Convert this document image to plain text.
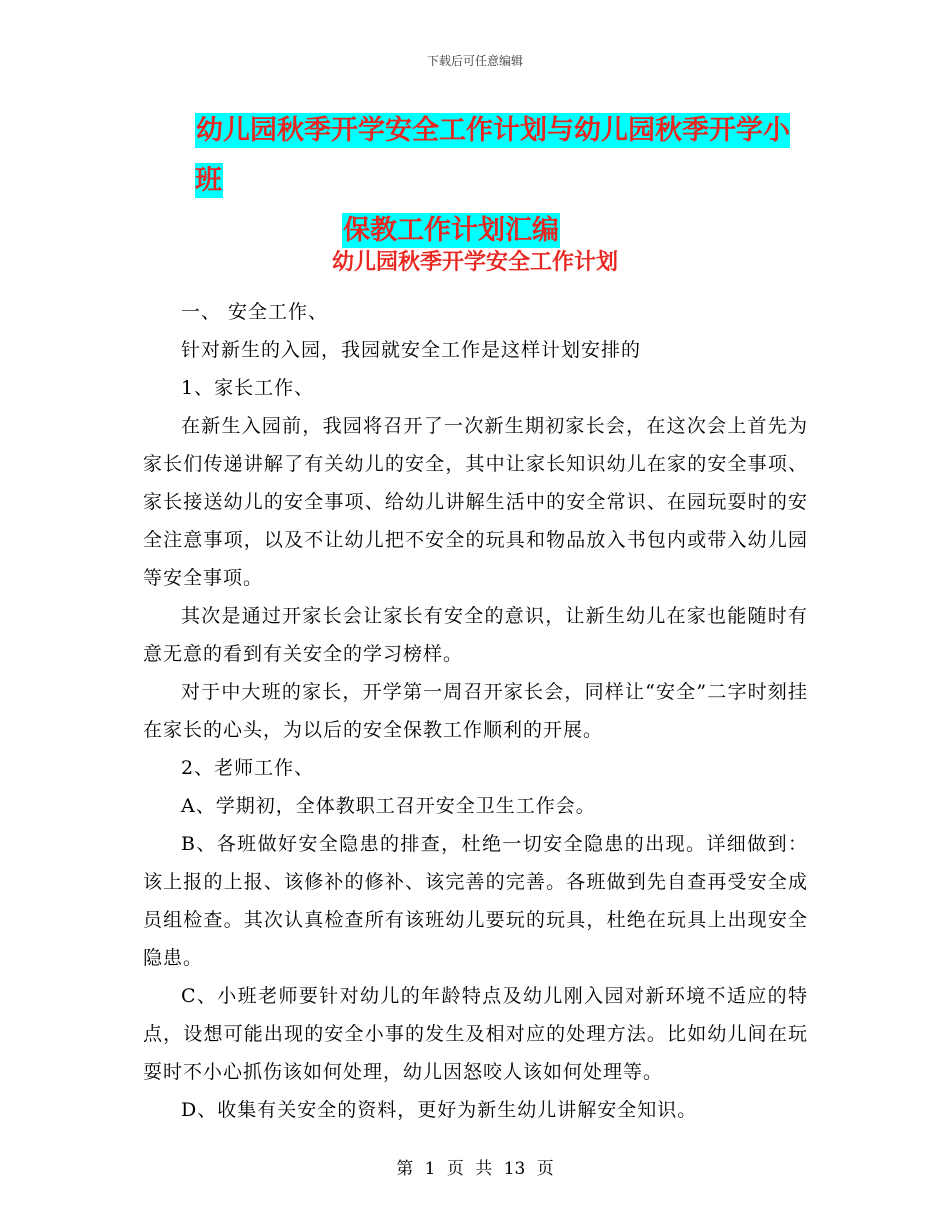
下载后可任意编辑
幼儿园秋季开学安全工作计划与幼儿园秋季开学小班
保教工作计划汇编
幼儿园秋季开学安全工作计划

一、 安全工作、

针对新生的入园，我园就安全工作是这样计划安排的

1、家长工作、

在新生入园前，我园将召开了一次新生期初家长会，在这次会上首先为家长们传递讲解了有关幼儿的安全，其中让家长知识幼儿在家的安全事项、家长接送幼儿的安全事项、给幼儿讲解生活中的安全常识、在园玩耍时的安全注意事项，以及不让幼儿把不安全的玩具和物品放入书包内或带入幼儿园等安全事项。

其次是通过开家长会让家长有安全的意识，让新生幼儿在家也能随时有意无意的看到有关安全的学习榜样。

对于中大班的家长，开学第一周召开家长会，同样让“安全”二字时刻挂在家长的心头，为以后的安全保教工作顺利的开展。

2、老师工作、

A、学期初，全体教职工召开安全卫生工作会。

B、各班做好安全隐患的排查，杜绝一切安全隐患的出现。详细做到：该上报的上报、该修补的修补、该完善的完善。各班做到先自查再受安全成员组检查。其次认真检查所有该班幼儿要玩的玩具，杜绝在玩具上出现安全隐患。

C、小班老师要针对幼儿的年龄特点及幼儿刚入园对新环境不适应的特点，设想可能出现的安全小事的发生及相对应的处理方法。比如幼儿间在玩耍时不小心抓伤该如何处理，幼儿因怒咬人该如何处理等。

D、收集有关安全的资料，更好为新生幼儿讲解安全知识。

第 1 页 共 13 页
